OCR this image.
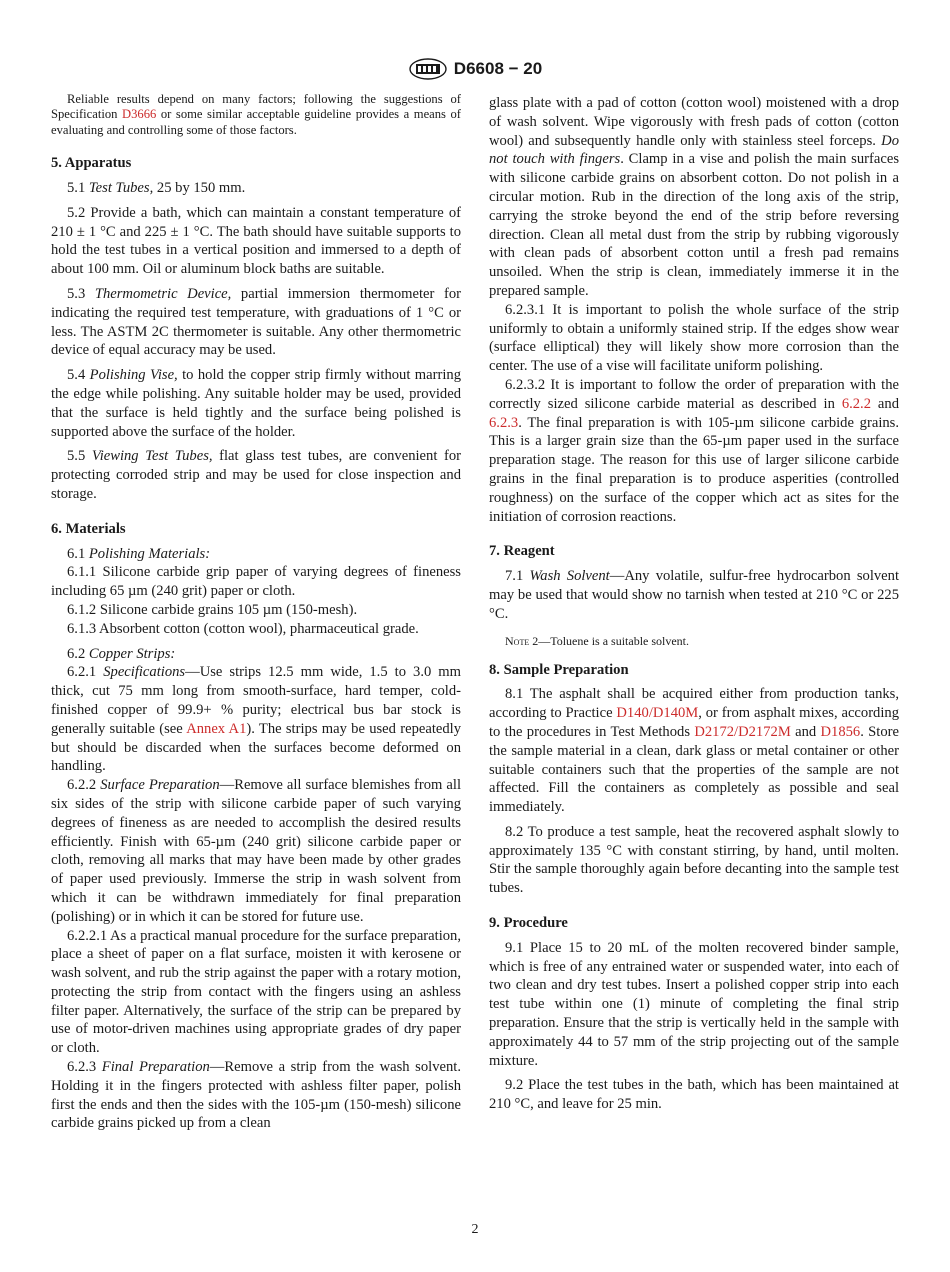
D6608 − 20

Reliable results depend on many factors; following the suggestions of Specification D3666 or some similar acceptable guideline provides a means of evaluating and controlling some of those factors.

5. Apparatus

5.1 Test Tubes, 25 by 150 mm.

5.2 Provide a bath, which can maintain a constant temperature of 210 ± 1 °C and 225 ± 1 °C. The bath should have suitable supports to hold the test tubes in a vertical position and immersed to a depth of about 100 mm. Oil or aluminum block baths are suitable.

5.3 Thermometric Device, partial immersion thermometer for indicating the required test temperature, with graduations of 1 °C or less. The ASTM 2C thermometer is suitable. Any other thermometric device of equal accuracy may be used.

5.4 Polishing Vise, to hold the copper strip firmly without marring the edge while polishing. Any suitable holder may be used, provided that the surface is held tightly and the surface being polished is supported above the surface of the holder.

5.5 Viewing Test Tubes, flat glass test tubes, are convenient for protecting corroded strip and may be used for close inspection and storage.

6. Materials

6.1 Polishing Materials:

6.1.1 Silicone carbide grip paper of varying degrees of fineness including 65 µm (240 grit) paper or cloth.

6.1.2 Silicone carbide grains 105 µm (150-mesh).

6.1.3 Absorbent cotton (cotton wool), pharmaceutical grade.

6.2 Copper Strips:

6.2.1 Specifications—Use strips 12.5 mm wide, 1.5 to 3.0 mm thick, cut 75 mm long from smooth-surface, hard temper, cold-finished copper of 99.9+ % purity; electrical bus bar stock is generally suitable (see Annex A1). The strips may be used repeatedly but should be discarded when the surfaces become deformed on handling.

6.2.2 Surface Preparation—Remove all surface blemishes from all six sides of the strip with silicone carbide paper of such varying degrees of fineness as are needed to accomplish the desired results efficiently. Finish with 65-µm (240 grit) silicone carbide paper or cloth, removing all marks that may have been made by other grades of paper used previously. Immerse the strip in wash solvent from which it can be withdrawn immediately for final preparation (polishing) or in which it can be stored for future use.

6.2.2.1 As a practical manual procedure for the surface preparation, place a sheet of paper on a flat surface, moisten it with kerosene or wash solvent, and rub the strip against the paper with a rotary motion, protecting the strip from contact with the fingers using an ashless filter paper. Alternatively, the surface of the strip can be prepared by use of motor-driven machines using appropriate grades of dry paper or cloth.

6.2.3 Final Preparation—Remove a strip from the wash solvent. Holding it in the fingers protected with ashless filter paper, polish first the ends and then the sides with the 105-µm (150-mesh) silicone carbide grains picked up from a clean

glass plate with a pad of cotton (cotton wool) moistened with a drop of wash solvent. Wipe vigorously with fresh pads of cotton (cotton wool) and subsequently handle only with stainless steel forceps. Do not touch with fingers. Clamp in a vise and polish the main surfaces with silicone carbide grains on absorbent cotton. Do not polish in a circular motion. Rub in the direction of the long axis of the strip, carrying the stroke beyond the end of the strip before reversing direction. Clean all metal dust from the strip by rubbing vigorously with clean pads of absorbent cotton until a fresh pad remains unsoiled. When the strip is clean, immediately immerse it in the prepared sample.

6.2.3.1 It is important to polish the whole surface of the strip uniformly to obtain a uniformly stained strip. If the edges show wear (surface elliptical) they will likely show more corrosion than the center. The use of a vise will facilitate uniform polishing.

6.2.3.2 It is important to follow the order of preparation with the correctly sized silicone carbide material as described in 6.2.2 and 6.2.3. The final preparation is with 105-µm silicone carbide grains. This is a larger grain size than the 65-µm paper used in the surface preparation stage. The reason for this use of larger silicone carbide grains in the final preparation is to produce asperities (controlled roughness) on the surface of the copper which act as sites for the initiation of corrosion reactions.

7. Reagent

7.1 Wash Solvent—Any volatile, sulfur-free hydrocarbon solvent may be used that would show no tarnish when tested at 210 °C or 225 °C.

Note 2—Toluene is a suitable solvent.

8. Sample Preparation

8.1 The asphalt shall be acquired either from production tanks, according to Practice D140/D140M, or from asphalt mixes, according to the procedures in Test Methods D2172/D2172M and D1856. Store the sample material in a clean, dark glass or metal container or other suitable containers such that the properties of the sample are not affected. Fill the containers as completely as possible and seal immediately.

8.2 To produce a test sample, heat the recovered asphalt slowly to approximately 135 °C with constant stirring, by hand, until molten. Stir the sample thoroughly again before decanting into the sample test tubes.

9. Procedure

9.1 Place 15 to 20 mL of the molten recovered binder sample, which is free of any entrained water or suspended water, into each of two clean and dry test tubes. Insert a polished copper strip into each test tube within one (1) minute of completing the final strip preparation. Ensure that the strip is vertically held in the sample with approximately 44 to 57 mm of the strip projecting out of the sample mixture.

9.2 Place the test tubes in the bath, which has been maintained at 210 °C, and leave for 25 min.

2
